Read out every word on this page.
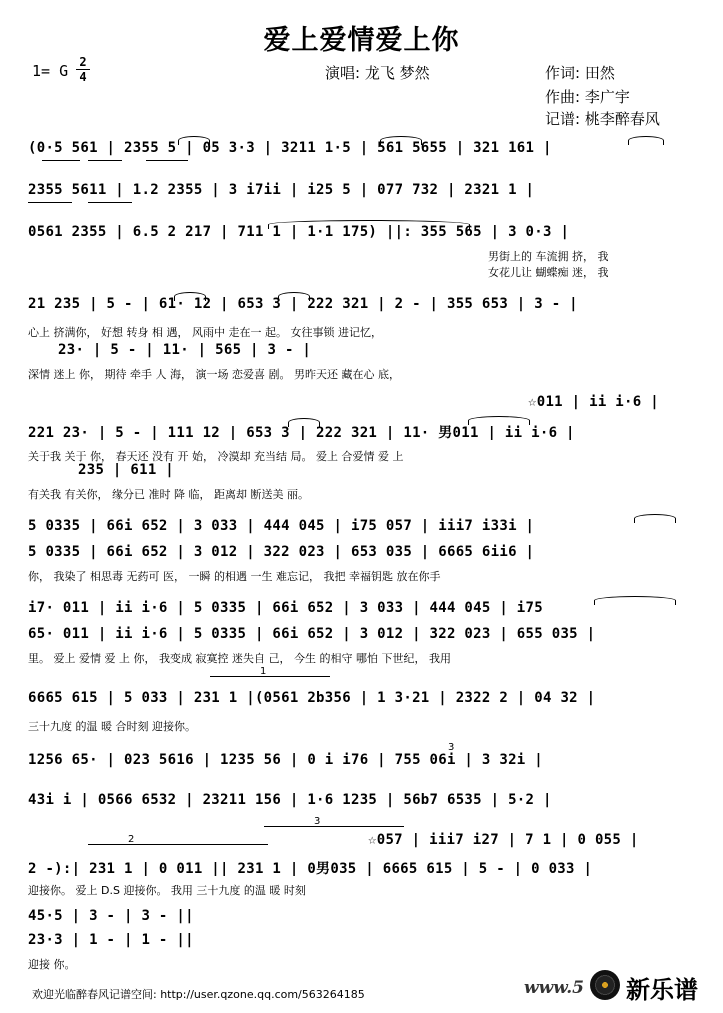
爱上爱情爱上你
1= G 2
4	演唱: 龙飞 梦然	作词: 田然
作曲: 李广宇
记谱: 桃李醉春风
(0·5 561 | 2355 5 | 05 3·3 | 3211 1·5 | 561 5655 | 321 161 |
2355 5611 | 1.2 2355 | 3 i7ii | i25 5 | 077 732 | 2321 1 |
0561 2355 | 6.5 2 217 | 711 1 | 1·1 175) ||: 355 565 | 3 0·3 |
男街上的 车流拥 挤， 我
女花儿让 蝴蝶痴 迷， 我
21 235 | 5 - | 61· 12 | 653 3 | 222 321 | 2 - | 355 653 | 3 - |
心上 挤满你， 好想 转身 相 遇， 风雨中 走在一 起。 女往事锁 进记忆，
23· | 5 - | 11· | 565 | 3 - |
深情 迷上 你， 期待 牵手 人 海， 演一场 恋爱喜 剧。 男昨天还 藏在心 底，
☆011 | ii i·6 |
221 23· | 5 - | 111 12 | 653 3 | 222 321 | 11· 男011 | ii i·6 |
关于我 关于 你， 春天还 没有 开 始， 冷漠却 充当结 局。 爱上 合爱情 爱 上
235 | 611 |
有关我 有关你， 缘分已 准时 降 临， 距离却 断送美 丽。
5 0335 | 66i 652 | 3 033 | 444 045 | i75 057 | iii7 i33i |
5 0335 | 66i 652 | 3 012 | 322 023 | 653 035 | 6665 6ii6 |
你， 我染了 相思毒 无药可 医， 一瞬 的相遇 一生 难忘记， 我把 幸福钥匙 放在你手
i7· 011 | ii i·6 | 5 0335 | 66i 652 | 3 033 | 444 045 | i75
65· 011 | ii i·6 | 5 0335 | 66i 652 | 3 012 | 322 023 | 655 035 |
里。 爱上 爱情 爱 上 你， 我变成 寂寞控 迷失自 己， 今生 的相守 哪怕 下世纪， 我用
6665 615 | 5 033 | 231 1 |(0561 2b356 | 1 3·21 | 2322 2 | 04 32 |
三十九度 的温 暖 合时刻 迎接你。
1256 65· | 023 5616 | 1235 56 | 0 i i76 | 755 06i | 3 32i |
43i i | 0566 6532 | 23211 156 | 1·6 1235 | 56b7 6535 | 5·2 |
☆057 | iii7 i27 | 7 1 | 0 055 |
2 -):| 231 1 | 0 011 || 231 1 | 0男035 | 6665 615 | 5 - | 0 033 |
迎接你。 爱上 D.S 迎接你。 我用 三十九度 的温 暖 时刻
45·5 | 3 - | 3 - ||
23·3 | 1 - | 1 - ||
迎接 你。
1
2
3
3
欢迎光临醉春风记谱空间: http://user.qzone.qq.com/563264185	www.5 新乐谱
